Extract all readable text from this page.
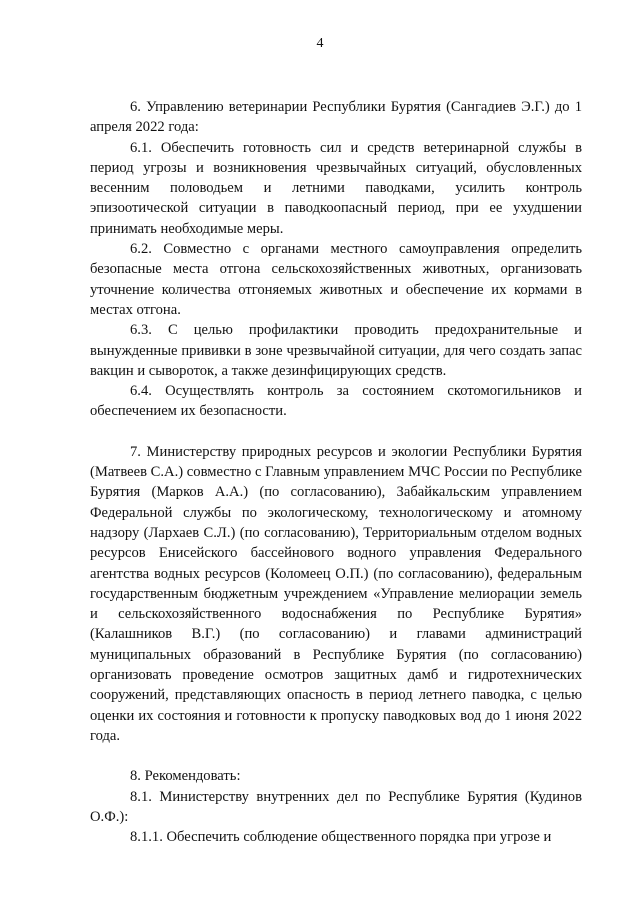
4

6. Управлению ветеринарии Республики Бурятия (Сангадиев Э.Г.) до 1 апреля 2022 года:

6.1. Обеспечить готовность сил и средств ветеринарной службы в период угрозы и возникновения чрезвычайных ситуаций, обусловленных весенним половодьем и летними паводками, усилить контроль эпизоотической ситуации в паводкоопасный период, при ее ухудшении принимать необходимые меры.

6.2. Совместно с органами местного самоуправления определить безопасные места отгона сельскохозяйственных животных, организовать уточнение количества отгоняемых животных и обеспечение их кормами в местах отгона.

6.3. С целью профилактики проводить предохранительные и вынужденные прививки в зоне чрезвычайной ситуации, для чего создать запас вакцин и сывороток, а также дезинфицирующих средств.

6.4. Осуществлять контроль за состоянием скотомогильников и обеспечением их безопасности.

7. Министерству природных ресурсов и экологии Республики Бурятия (Матвеев С.А.) совместно с Главным управлением МЧС России по Республике Бурятия (Марков А.А.) (по согласованию), Забайкальским управлением Федеральной службы по экологическому, технологическому и атомному надзору (Лархаев С.Л.) (по согласованию), Территориальным отделом водных ресурсов Енисейского бассейнового водного управления Федерального агентства водных ресурсов (Коломеец О.П.) (по согласованию), федеральным государственным бюджетным учреждением «Управление мелиорации земель и сельскохозяйственного водоснабжения по Республике Бурятия» (Калашников В.Г.) (по согласованию) и главами администраций муниципальных образований в Республике Бурятия (по согласованию) организовать проведение осмотров защитных дамб и гидротехнических сооружений, представляющих опасность в период летнего паводка, с целью оценки их состояния и готовности к пропуску паводковых вод до 1 июня 2022 года.

8. Рекомендовать:

8.1. Министерству внутренних дел по Республике Бурятия (Кудинов О.Ф.):

8.1.1. Обеспечить соблюдение общественного порядка при угрозе и
